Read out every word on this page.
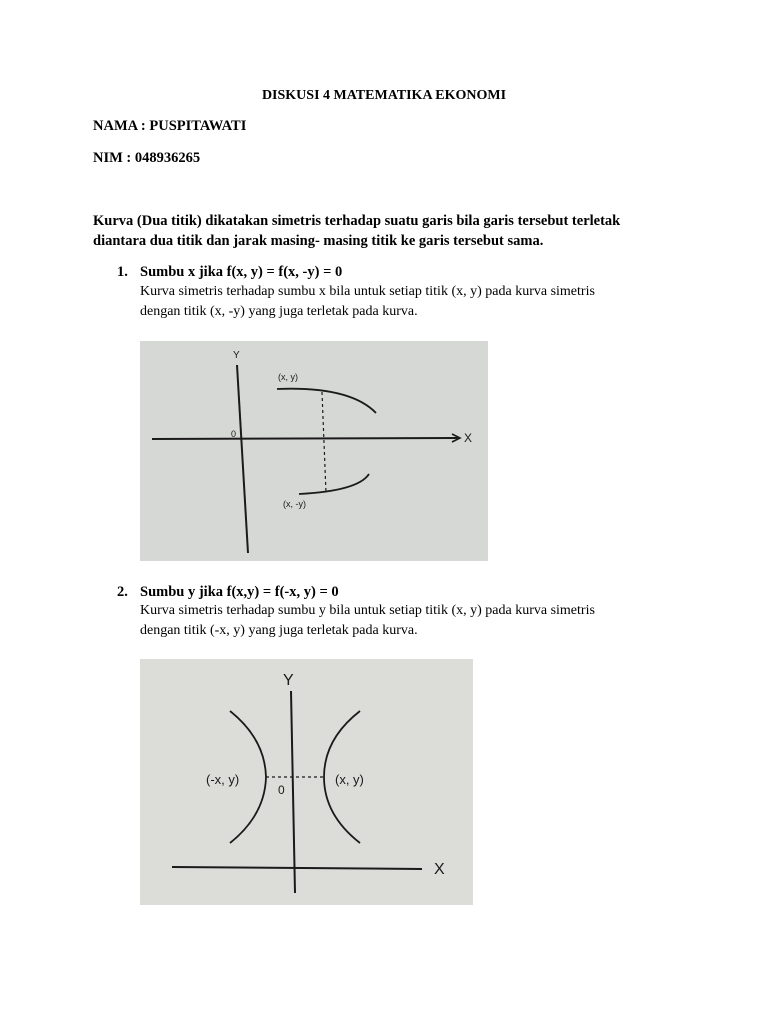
DISKUSI 4 MATEMATIKA EKONOMI
NAMA : PUSPITAWATI
NIM : 048936265
Kurva (Dua titik) dikatakan simetris terhadap suatu garis bila garis tersebut terletak
diantara dua titik dan jarak masing- masing titik ke garis tersebut sama.
1. Sumbu x jika f(x, y) = f(x, -y) = 0
Kurva simetris terhadap sumbu x bila untuk setiap titik (x, y) pada kurva simetris
dengan titik (x, -y) yang juga terletak pada kurva.
Y
X
0
(x, y)
(x, -y)
2. Sumbu y jika f(x,y) = f(-x, y) = 0
Kurva simetris terhadap sumbu y bila untuk setiap titik (x, y) pada kurva simetris
dengan titik (-x, y) yang juga terletak pada kurva.
Y
X
0
(-x, y)	(x, y)
